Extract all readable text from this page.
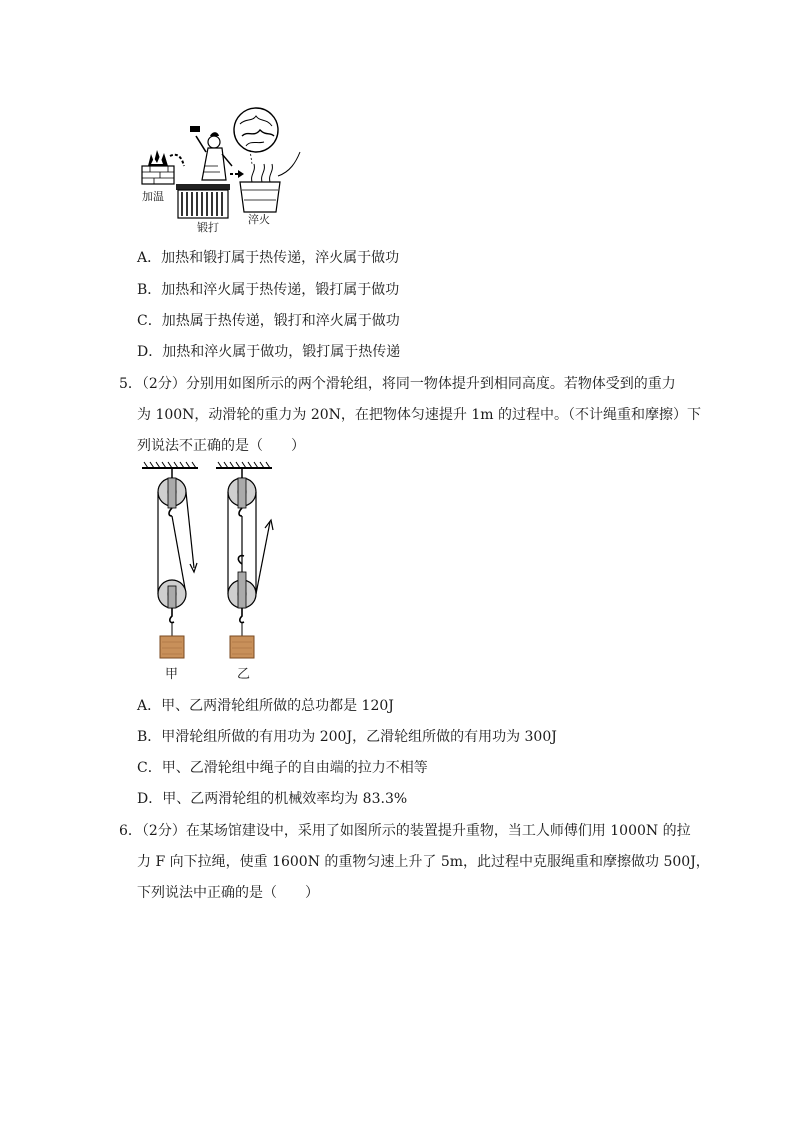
加温
锻打
淬火
A．加热和锻打属于热传递，淬火属于做功
B．加热和淬火属于热传递，锻打属于做功
C．加热属于热传递，锻打和淬火属于做功
D．加热和淬火属于做功，锻打属于热传递
5．（2分）分别用如图所示的两个滑轮组，将同一物体提升到相同高度。若物体受到的重力
为 100N，动滑轮的重力为 20N，在把物体匀速提升 1m 的过程中。（不计绳重和摩擦）下
列说法不正确的是（　　）
甲	乙
A．甲、乙两滑轮组所做的总功都是 120J
B．甲滑轮组所做的有用功为 200J，乙滑轮组所做的有用功为 300J
C．甲、乙滑轮组中绳子的自由端的拉力不相等
D．甲、乙两滑轮组的机械效率均为 83.3%
6．（2分）在某场馆建设中，采用了如图所示的装置提升重物，当工人师傅们用 1000N 的拉
力 F 向下拉绳，使重 1600N 的重物匀速上升了 5m，此过程中克服绳重和摩擦做功 500J，
下列说法中正确的是（　　）
